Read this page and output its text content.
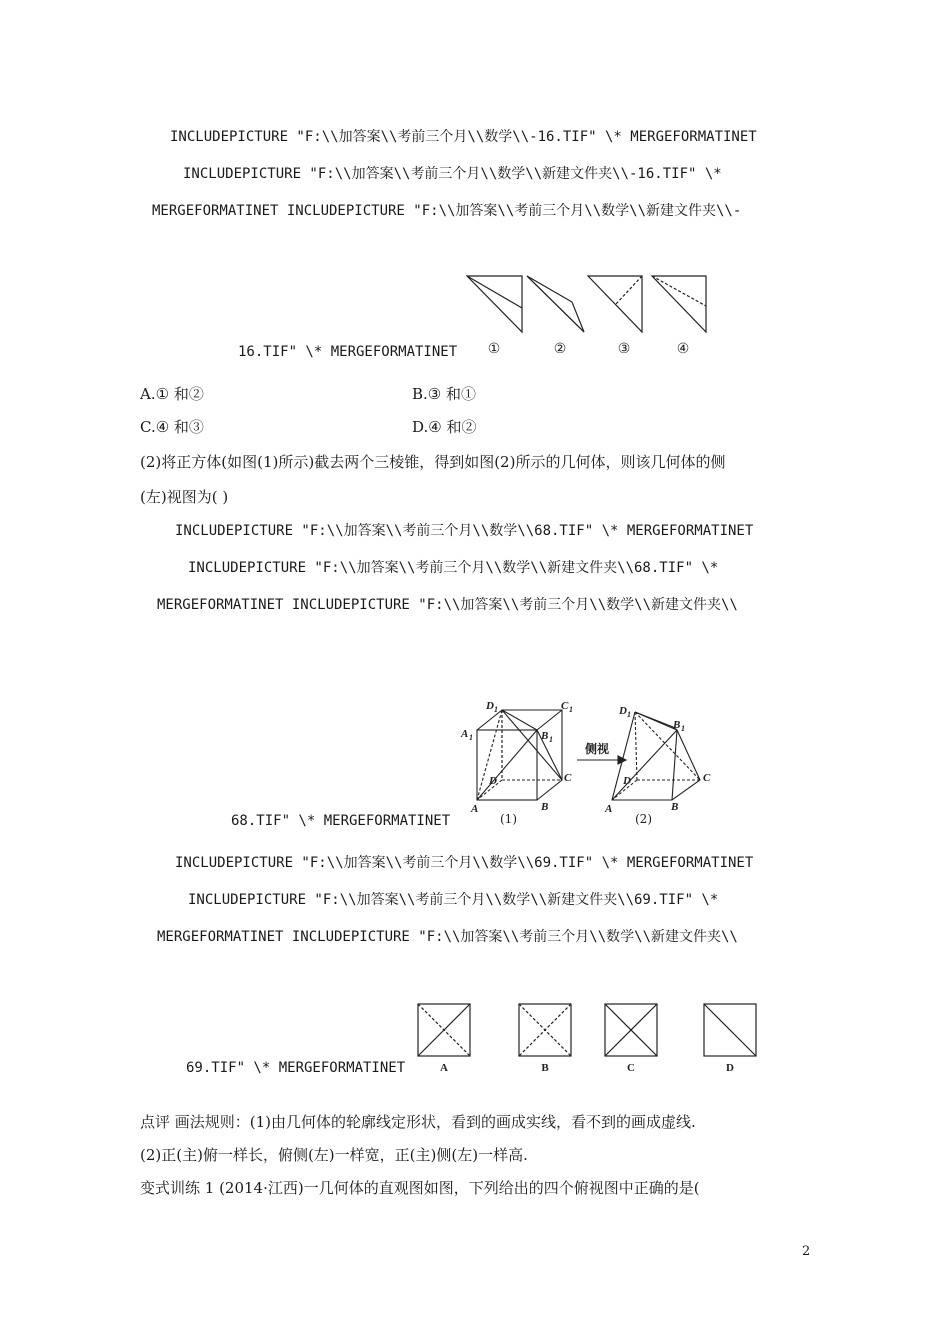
INCLUDEPICTURE "F:\\加答案\\考前三个月\\数学\\-16.TIF" \* MERGEFORMATINET
INCLUDEPICTURE "F:\\加答案\\考前三个月\\数学\\新建文件夹\\-16.TIF" \*
MERGEFORMATINET INCLUDEPICTURE "F:\\加答案\\考前三个月\\数学\\新建文件夹\\-
16.TIF" \* MERGEFORMATINET ①	②	③	④
A.① 和②	B.③ 和①
C.④ 和③	D.④ 和②
(2)将正方体(如图(1)所示)截去两个三棱锥，得到如图(2)所示的几何体，则该几何体的侧
(左)视图为( )
INCLUDEPICTURE "F:\\加答案\\考前三个月\\数学\\68.TIF" \* MERGEFORMATINET
INCLUDEPICTURE "F:\\加答案\\考前三个月\\数学\\新建文件夹\\68.TIF" \*
MERGEFORMATINET INCLUDEPICTURE "F:\\加答案\\考前三个月\\数学\\新建文件夹\\
68.TIF" \* MERGEFORMATINET
D 1	C 1
A 1	B 1
D	C
A	B
侧视
D 1
B 1
D	C
A	B
(1)	(2)
INCLUDEPICTURE "F:\\加答案\\考前三个月\\数学\\69.TIF" \* MERGEFORMATINET
INCLUDEPICTURE "F:\\加答案\\考前三个月\\数学\\新建文件夹\\69.TIF" \*
MERGEFORMATINET INCLUDEPICTURE "F:\\加答案\\考前三个月\\数学\\新建文件夹\\
69.TIF" \* MERGEFORMATINET	A	B	C	D
点评 画法规则：(1)由几何体的轮廓线定形状，看到的画成实线，看不到的画成虚线.
(2)正(主)俯一样长，俯侧(左)一样宽，正(主)侧(左)一样高.
变式训练 1 (2014·江西)一几何体的直观图如图，下列给出的四个俯视图中正确的是(
2
